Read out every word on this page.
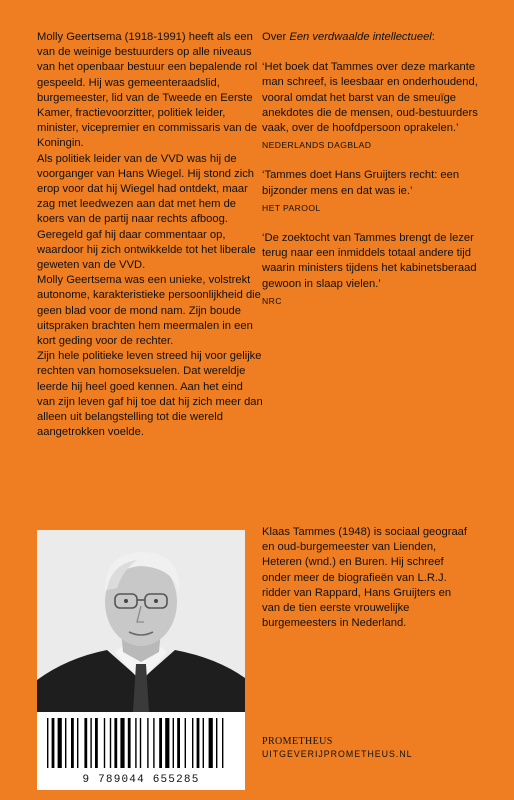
Molly Geertsema (1918-1991) heeft als een van de weinige bestuurders op alle niveaus van het openbaar bestuur een bepalende rol gespeeld. Hij was gemeenteraadslid, burgemeester, lid van de Tweede en Eerste Kamer, fractievoorzitter, politiek leider, minister, vicepremier en commissaris van de Koningin.

Als politiek leider van de VVD was hij de voorganger van Hans Wiegel. Hij stond zich erop voor dat hij Wiegel had ontdekt, maar zag met leedwezen aan dat met hem de koers van de partij naar rechts afboog. Geregeld gaf hij daar commentaar op, waardoor hij zich ontwikkelde tot het liberale geweten van de VVD.

Molly Geertsema was een unieke, volstrekt autonome, karakteristieke persoonlijkheid die geen blad voor de mond nam. Zijn boude uitspraken brachten hem meermalen in een kort geding voor de rechter.

Zijn hele politieke leven streed hij voor gelijke rechten van homoseksuelen. Dat wereldje leerde hij heel goed kennen. Aan het eind van zijn leven gaf hij toe dat hij zich meer dan alleen uit belangstelling tot die wereld aangetrokken voelde.

Over Een verdwaalde intellectueel:

‘Het boek dat Tammes over deze markante man schreef, is leesbaar en onderhoudend, vooral omdat het barst van de smeuïge anekdotes die de mensen, oud-bestuurders vaak, over de hoofdpersoon oprakelen.’

NEDERLANDS DAGBLAD

‘Tammes doet Hans Gruijters recht: een bijzonder mens en dat was ie.’

HET PAROOL

‘De zoektocht van Tammes brengt de lezer terug naar een inmiddels totaal andere tijd waarin ministers tijdens het kabinetsberaad gewoon in slaap vielen.’

NRC

9 789044 655285

Klaas Tammes (1948) is sociaal geograaf en oud-burgemeester van Lienden, Heteren (wnd.) en Buren. Hij schreef onder meer de biografieën van L.R.J. ridder van Rappard, Hans Gruijters en van de tien eerste vrouwelijke burgemeesters in Nederland.

PROMETHEUS

UITGEVERIJPROMETHEUS.NL
